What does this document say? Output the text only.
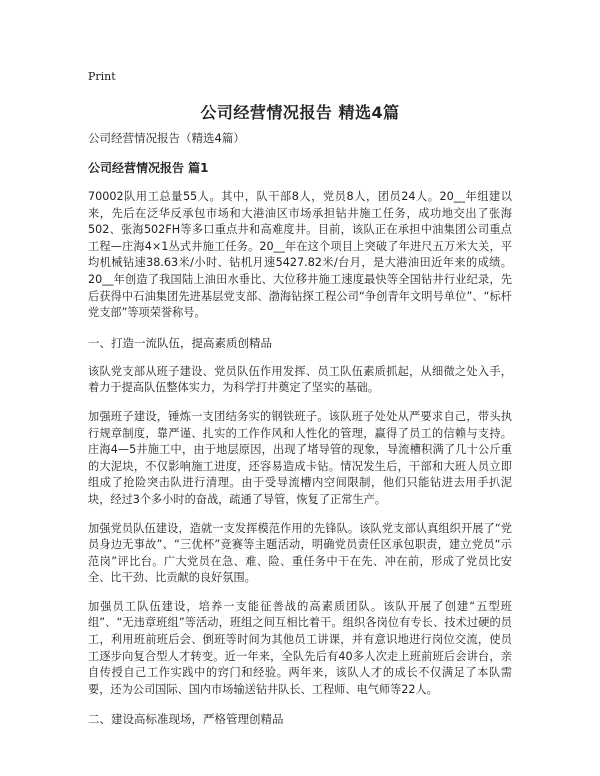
Print
公司经营情况报告 精选4篇

公司经营情况报告（精选4篇）

公司经营情况报告 篇1

70002队用工总量55人。其中，队干部8人，党员8人，团员24人。20__年组建以来，先后在泛华反承包市场和大港油区市场承担钻井施工任务，成功地交出了张海502、张海502FH等多口重点井和高难度井。目前，该队正在承担中油集团公司重点工程—庄海4×1丛式井施工任务。20__年在这个项目上突破了年进尺五万米大关，平均机械钻速38.63米/小时、钻机月速5427.82米/台月，是大港油田近年来的成绩。20__年创造了我国陆上油田水垂比、大位移井施工速度最快等全国钻井行业纪录，先后获得中石油集团先进基层党支部、渤海钻探工程公司“争创青年文明号单位”、“标杆党支部”等项荣誉称号。

一、打造一流队伍，提高素质创精品

该队党支部从班子建设、党员队伍作用发挥、员工队伍素质抓起，从细微之处入手，着力于提高队伍整体实力，为科学打井奠定了坚实的基础。

加强班子建设，锤炼一支团结务实的钢铁班子。该队班子处处从严要求自己，带头执行规章制度，靠严谨、扎实的工作作风和人性化的管理，赢得了员工的信赖与支持。庄海4—5井施工中，由于地层原因，出现了堵导管的现象，导流槽积满了几十公斤重的大泥块，不仅影响施工进度，还容易造成卡钻。情况发生后，干部和大班人员立即组成了抢险突击队进行清理。由于受导流槽内空间限制，他们只能钻进去用手扒泥块，经过3个多小时的奋战，疏通了导管，恢复了正常生产。

加强党员队伍建设，造就一支发挥模范作用的先锋队。该队党支部认真组织开展了“党员身边无事故”、“三优杯”竞赛等主题活动，明确党员责任区承包职责，建立党员“示范岗”评比台。广大党员在急、难、险、重任务中干在先、冲在前，形成了党员比安全、比干劲、比贡献的良好氛围。

加强员工队伍建设，培养一支能征善战的高素质团队。该队开展了创建“五型班组”、“无违章班组”等活动，班组之间互相比着干。组织各岗位有专长、技术过硬的员工，利用班前班后会、倒班等时间为其他员工讲课，并有意识地进行岗位交流，使员工逐步向复合型人才转变。近一年来，全队先后有40多人次走上班前班后会讲台，亲自传授自己工作实践中的窍门和经验。两年来，该队人才的成长不仅满足了本队需要，还为公司国际、国内市场输送钻井队长、工程师、电气师等22人。

二、建设高标准现场，严格管理创精品
